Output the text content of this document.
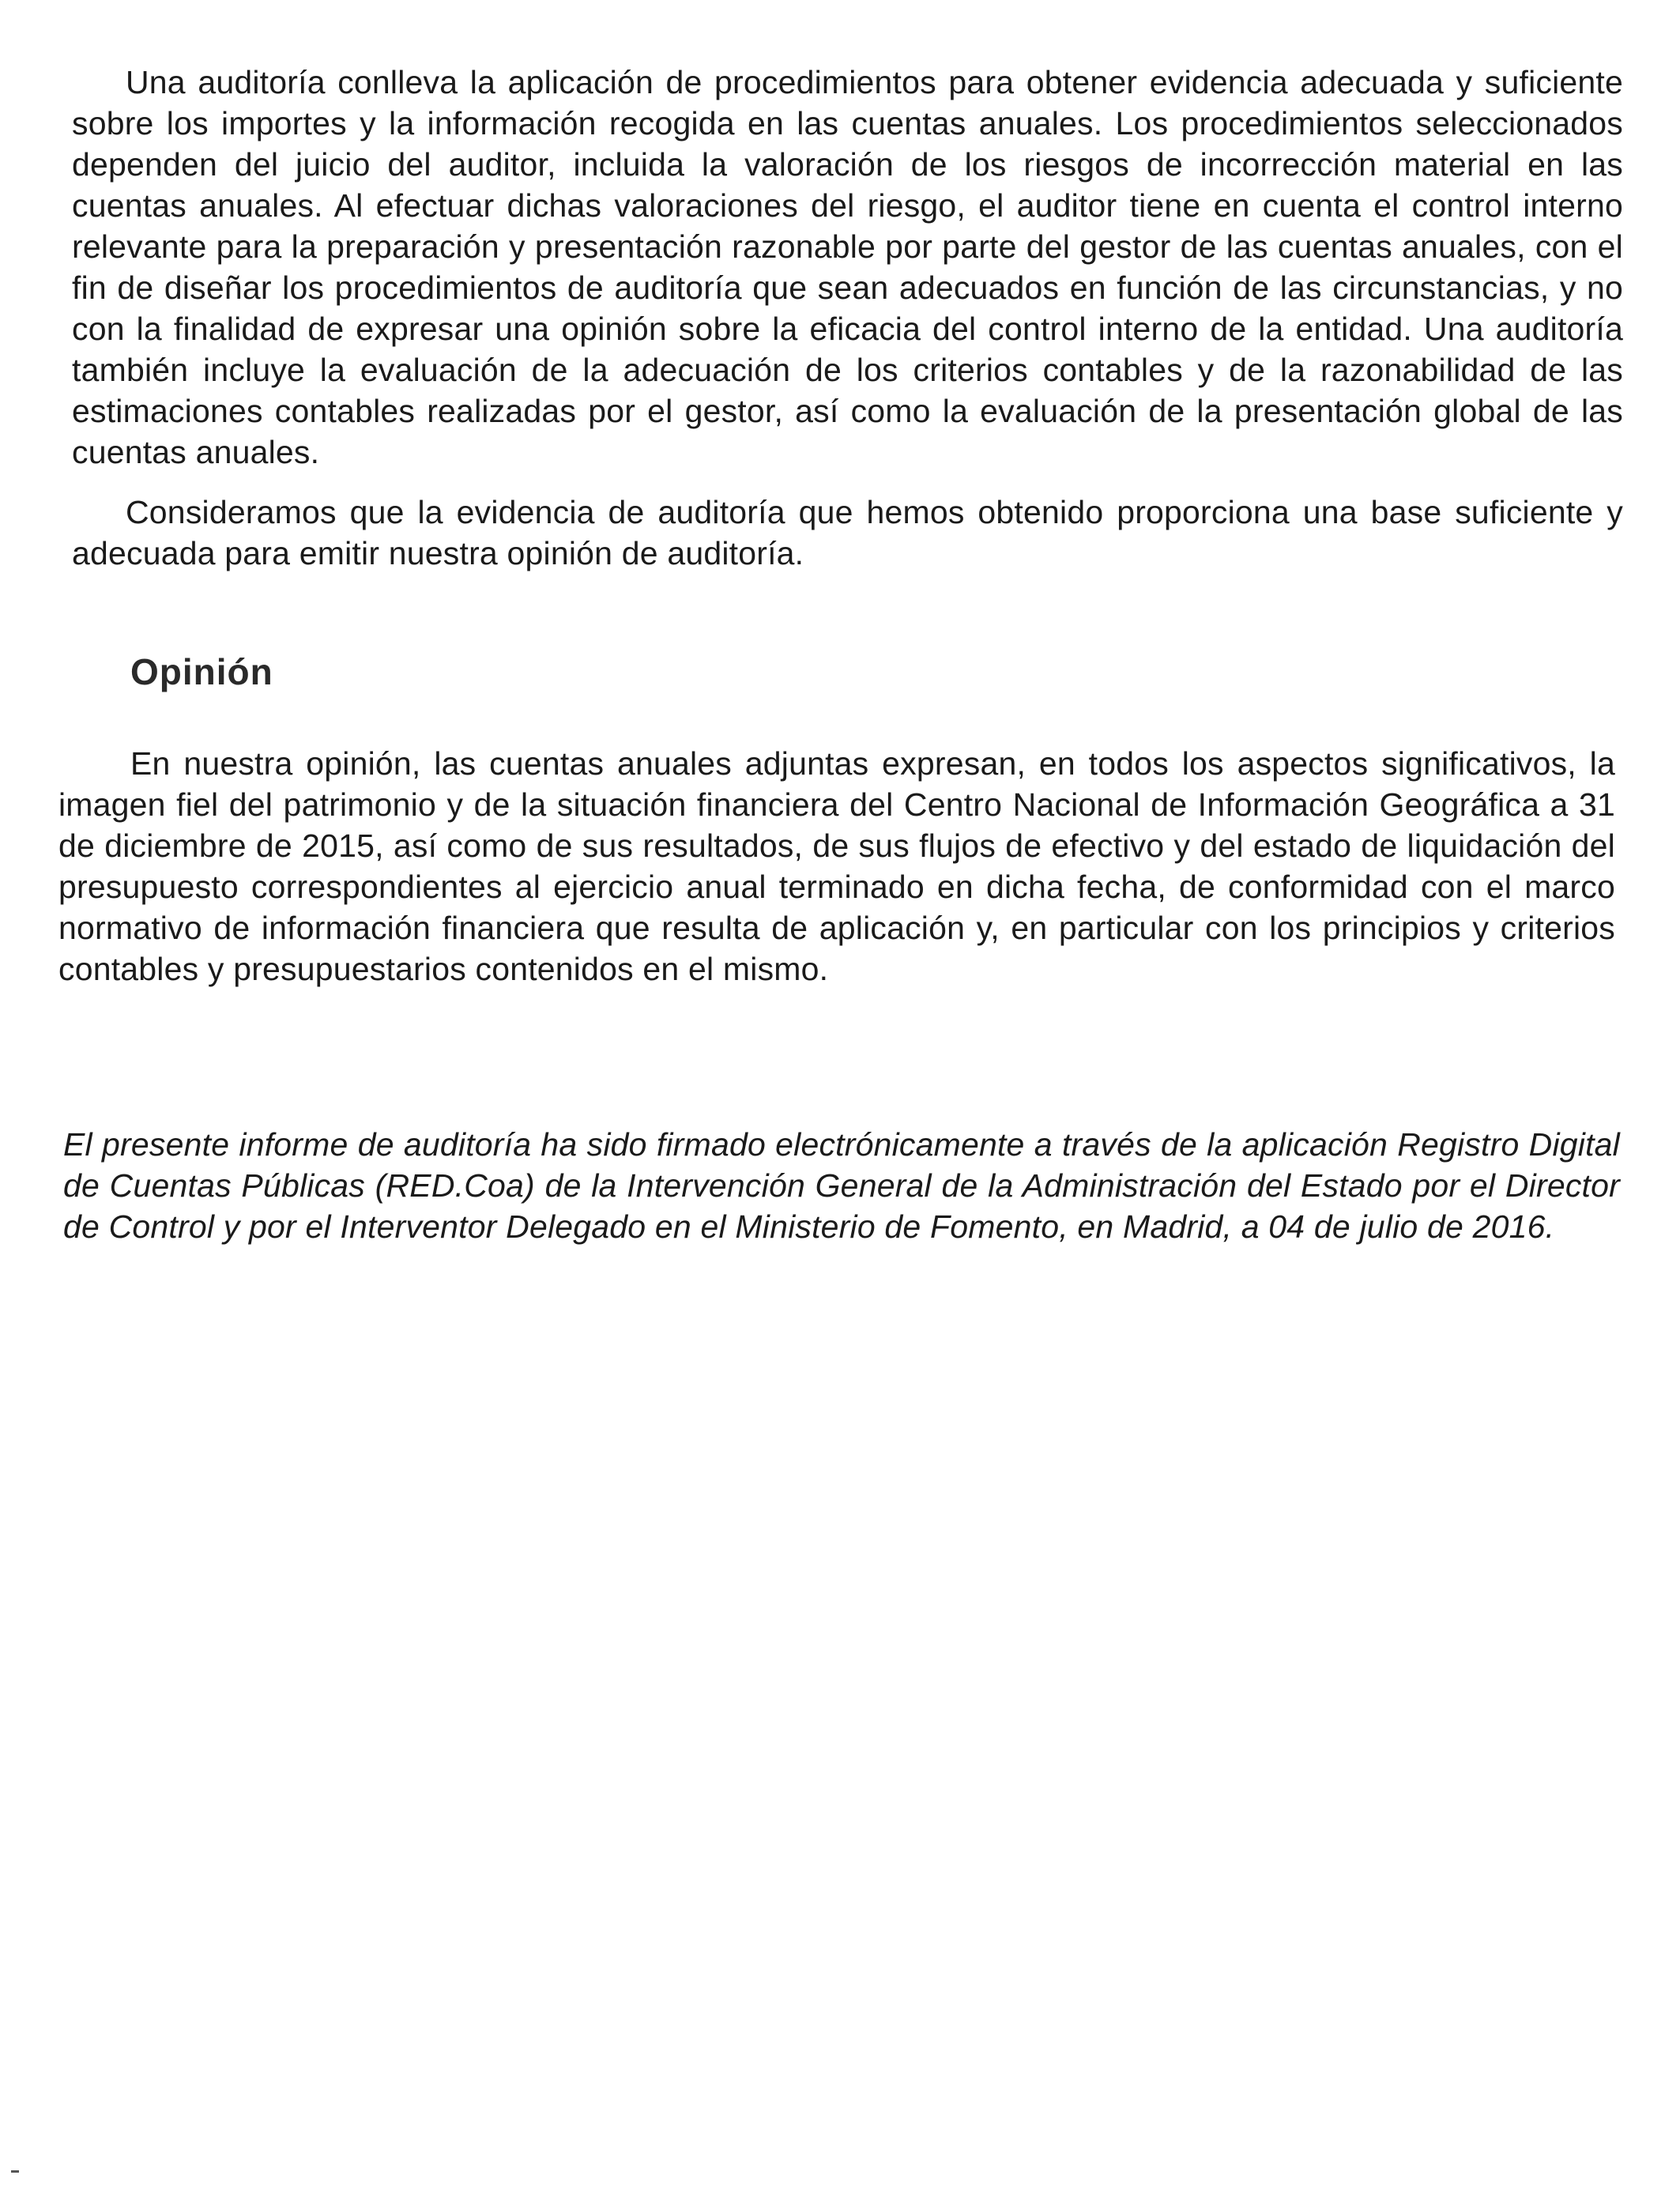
Una auditoría conlleva la aplicación de procedimientos para obtener evidencia adecuada y suficiente sobre los importes y la información recogida en las cuentas anuales. Los procedimientos seleccionados dependen del juicio del auditor, incluida la valoración de los riesgos de incorrección material en las cuentas anuales. Al efectuar dichas valoraciones del riesgo, el auditor tiene en cuenta el control interno relevante para la preparación y presentación razonable por parte del gestor de las cuentas anuales, con el fin de diseñar los procedimientos de auditoría que sean adecuados en función de las circunstancias, y no con la finalidad de expresar una opinión sobre la eficacia del control interno de la entidad. Una auditoría también incluye la evaluación de la adecuación de los criterios contables y de la razonabilidad de las estimaciones contables realizadas por el gestor, así como la evaluación de la presentación global de las cuentas anuales.

Consideramos que la evidencia de auditoría que hemos obtenido proporciona una base suficiente y adecuada para emitir nuestra opinión de auditoría.

Opinión

En nuestra opinión, las cuentas anuales adjuntas expresan, en todos los aspectos significativos, la imagen fiel del patrimonio y de la situación financiera del Centro Nacional de Información Geográfica a 31 de diciembre de 2015, así como de sus resultados, de sus flujos de efectivo y del estado de liquidación del presupuesto correspondientes al ejercicio anual terminado en dicha fecha, de conformidad con el marco normativo de información financiera que resulta de aplicación y, en particular con los principios y criterios contables y presupuestarios contenidos en el mismo.

El presente informe de auditoría ha sido firmado electrónicamente a través de la aplicación Registro Digital de Cuentas Públicas (RED.Coa) de la Intervención General de la Administración del Estado por el Director de Control y por el Interventor Delegado en el Ministerio de Fomento, en Madrid, a 04 de julio de 2016.
